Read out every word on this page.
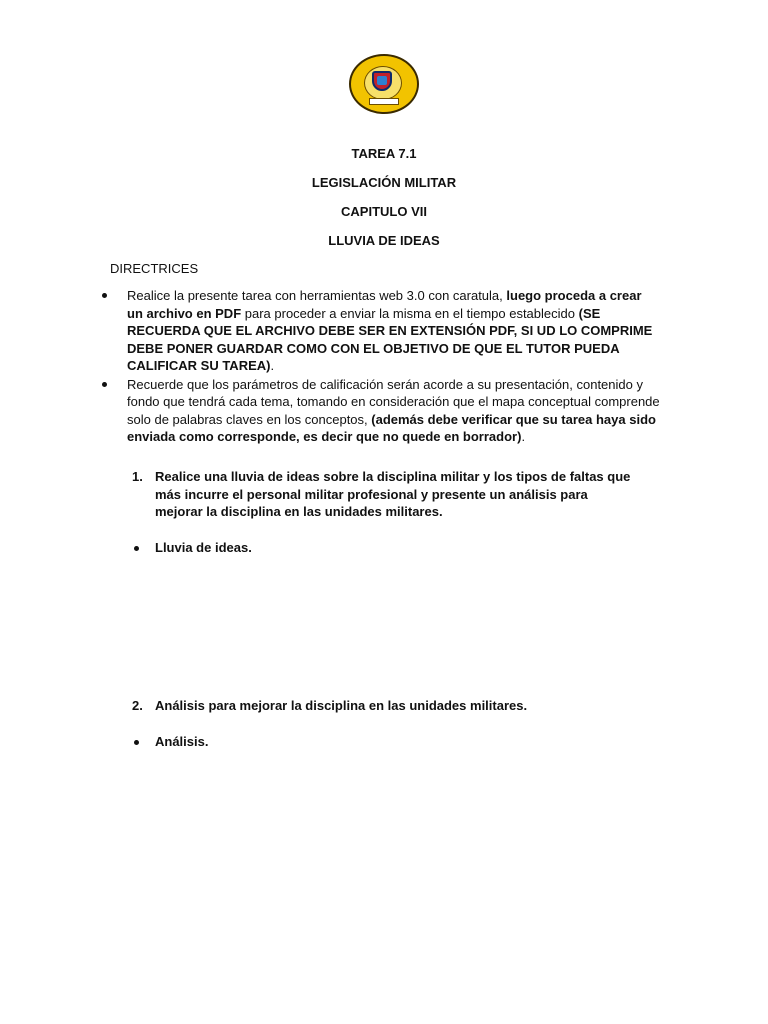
TAREA 7.1
LEGISLACIÓN MILITAR
CAPITULO VII
LLUVIA DE IDEAS
DIRECTRICES
Realice la presente tarea con herramientas web 3.0 con caratula, luego proceda a crear un archivo en PDF para proceder a enviar la misma en el tiempo establecido (SE RECUERDA QUE EL ARCHIVO DEBE SER EN EXTENSIÓN PDF, SI UD LO COMPRIME DEBE PONER GUARDAR COMO CON EL OBJETIVO DE QUE EL TUTOR PUEDA CALIFICAR SU TAREA).
Recuerde que los parámetros de calificación serán acorde a su presentación, contenido y fondo que tendrá cada tema, tomando en consideración que el mapa conceptual comprende solo de palabras claves en los conceptos, (además debe verificar que su tarea haya sido enviada como corresponde, es decir que no quede en borrador).
1. Realice una lluvia de ideas sobre la disciplina militar y los tipos de faltas que más incurre el personal militar profesional y presente un análisis para mejorar la disciplina en las unidades militares.
Lluvia de ideas.
2. Análisis para mejorar la disciplina en las unidades militares.
Análisis.
